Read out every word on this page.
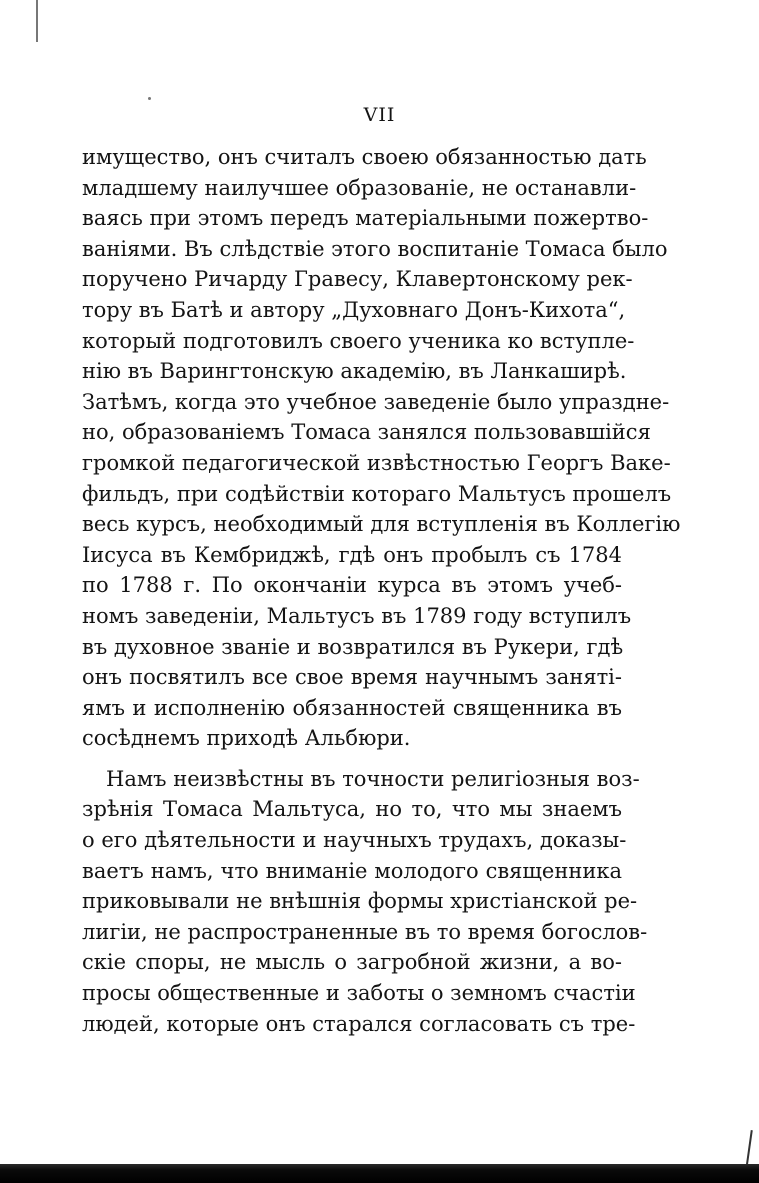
VII
имущество, онъ считалъ своею обязанностью дать
младшему наилучшее образованіе, не останавли-
ваясь при этомъ передъ матеріальными пожертво-
ваніями. Въ слѣдствіе этого воспитаніе Томаса было
поручено Ричарду Гравесу, Клавертонскому рек-
тору въ Батѣ и автору „Духовнаго Донъ-Кихота“,
который подготовилъ своего ученика ко вступле-
нію въ Варингтонскую академію, въ Ланкаширѣ.
Затѣмъ, когда это учебное заведеніе было упраздне-
но, образованіемъ Томаса занялся пользовавшійся
громкой педагогической извѣстностью Георгъ Ваке-
фильдъ, при содѣйствіи котораго Мальтусъ прошелъ
весь курсъ, необходимый для вступленія въ Коллегію
Іисуса въ Кембриджѣ, гдѣ онъ пробылъ съ 1784
по 1788 г. По окончаніи курса въ этомъ учеб-
номъ заведеніи, Мальтусъ въ 1789 году вступилъ
въ духовное званіе и возвратился въ Рукери, гдѣ
онъ посвятилъ все свое время научнымъ заняті-
ямъ и исполненію обязанностей священника въ
сосѣднемъ приходѣ Альбюри.
Намъ неизвѣстны въ точности религіозныя воз-
зрѣнія Томаса Мальтуса, но то, что мы знаемъ
о его дѣятельности и научныхъ трудахъ, доказы-
ваетъ намъ, что вниманіе молодого священника
приковывали не внѣшнія формы христіанской ре-
лигіи, не распространенные въ то время богослов-
скіе споры, не мысль о загробной жизни, а во-
просы общественные и заботы о земномъ счастіи
людей, которые онъ старался согласовать съ тре-
